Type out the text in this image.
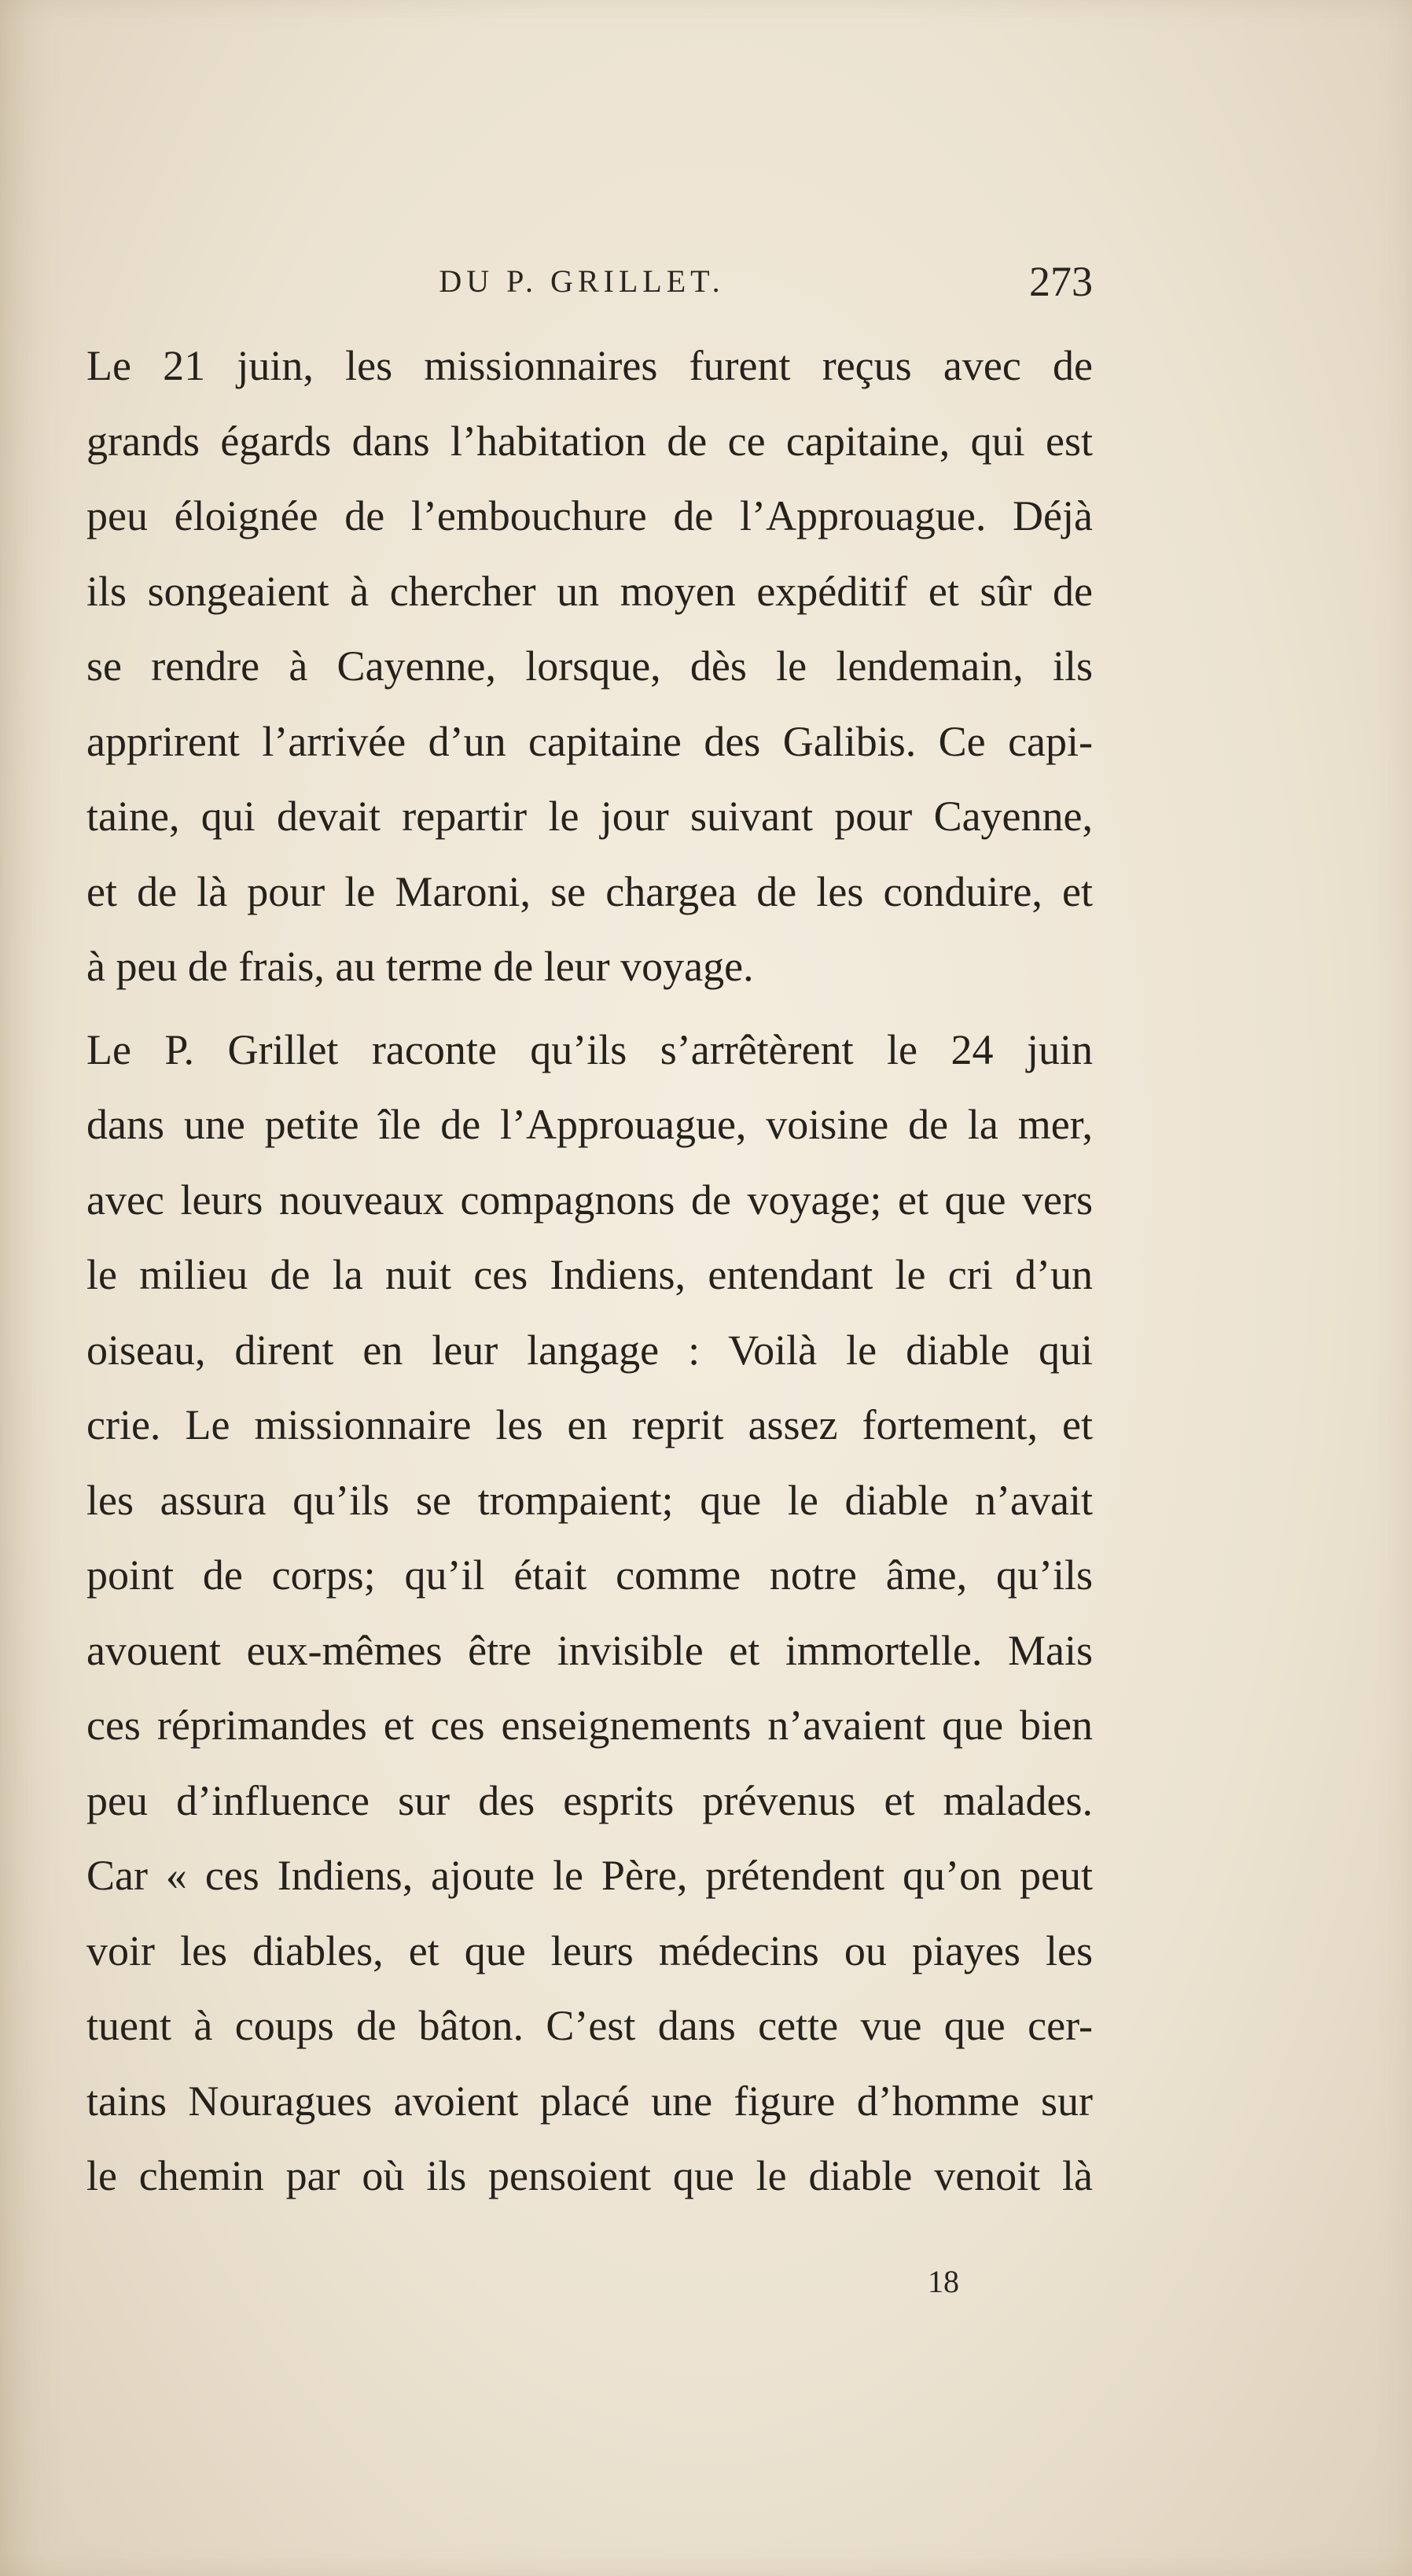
DU P. GRILLET.	273
Le 21 juin, les missionnaires furent reçus avec de
grands égards dans l’habitation de ce capitaine, qui est
peu éloignée de l’embouchure de l’Approuague. Déjà
ils songeaient à chercher un moyen expéditif et sûr de
se rendre à Cayenne, lorsque, dès le lendemain, ils
apprirent l’arrivée d’un capitaine des Galibis. Ce capi-
taine, qui devait repartir le jour suivant pour Cayenne,
et de là pour le Maroni, se chargea de les conduire, et
à peu de frais, au terme de leur voyage.
Le P. Grillet raconte qu’ils s’arrêtèrent le 24 juin
dans une petite île de l’Approuague, voisine de la mer,
avec leurs nouveaux compagnons de voyage; et que vers
le milieu de la nuit ces Indiens, entendant le cri d’un
oiseau, dirent en leur langage : Voilà le diable qui
crie. Le missionnaire les en reprit assez fortement, et
les assura qu’ils se trompaient; que le diable n’avait
point de corps; qu’il était comme notre âme, qu’ils
avouent eux-mêmes être invisible et immortelle. Mais
ces réprimandes et ces enseignements n’avaient que bien
peu d’influence sur des esprits prévenus et malades.
Car « ces Indiens, ajoute le Père, prétendent qu’on peut
voir les diables, et que leurs médecins ou piayes les
tuent à coups de bâton. C’est dans cette vue que cer-
tains Nouragues avoient placé une figure d’homme sur
le chemin par où ils pensoient que le diable venoit là
18
